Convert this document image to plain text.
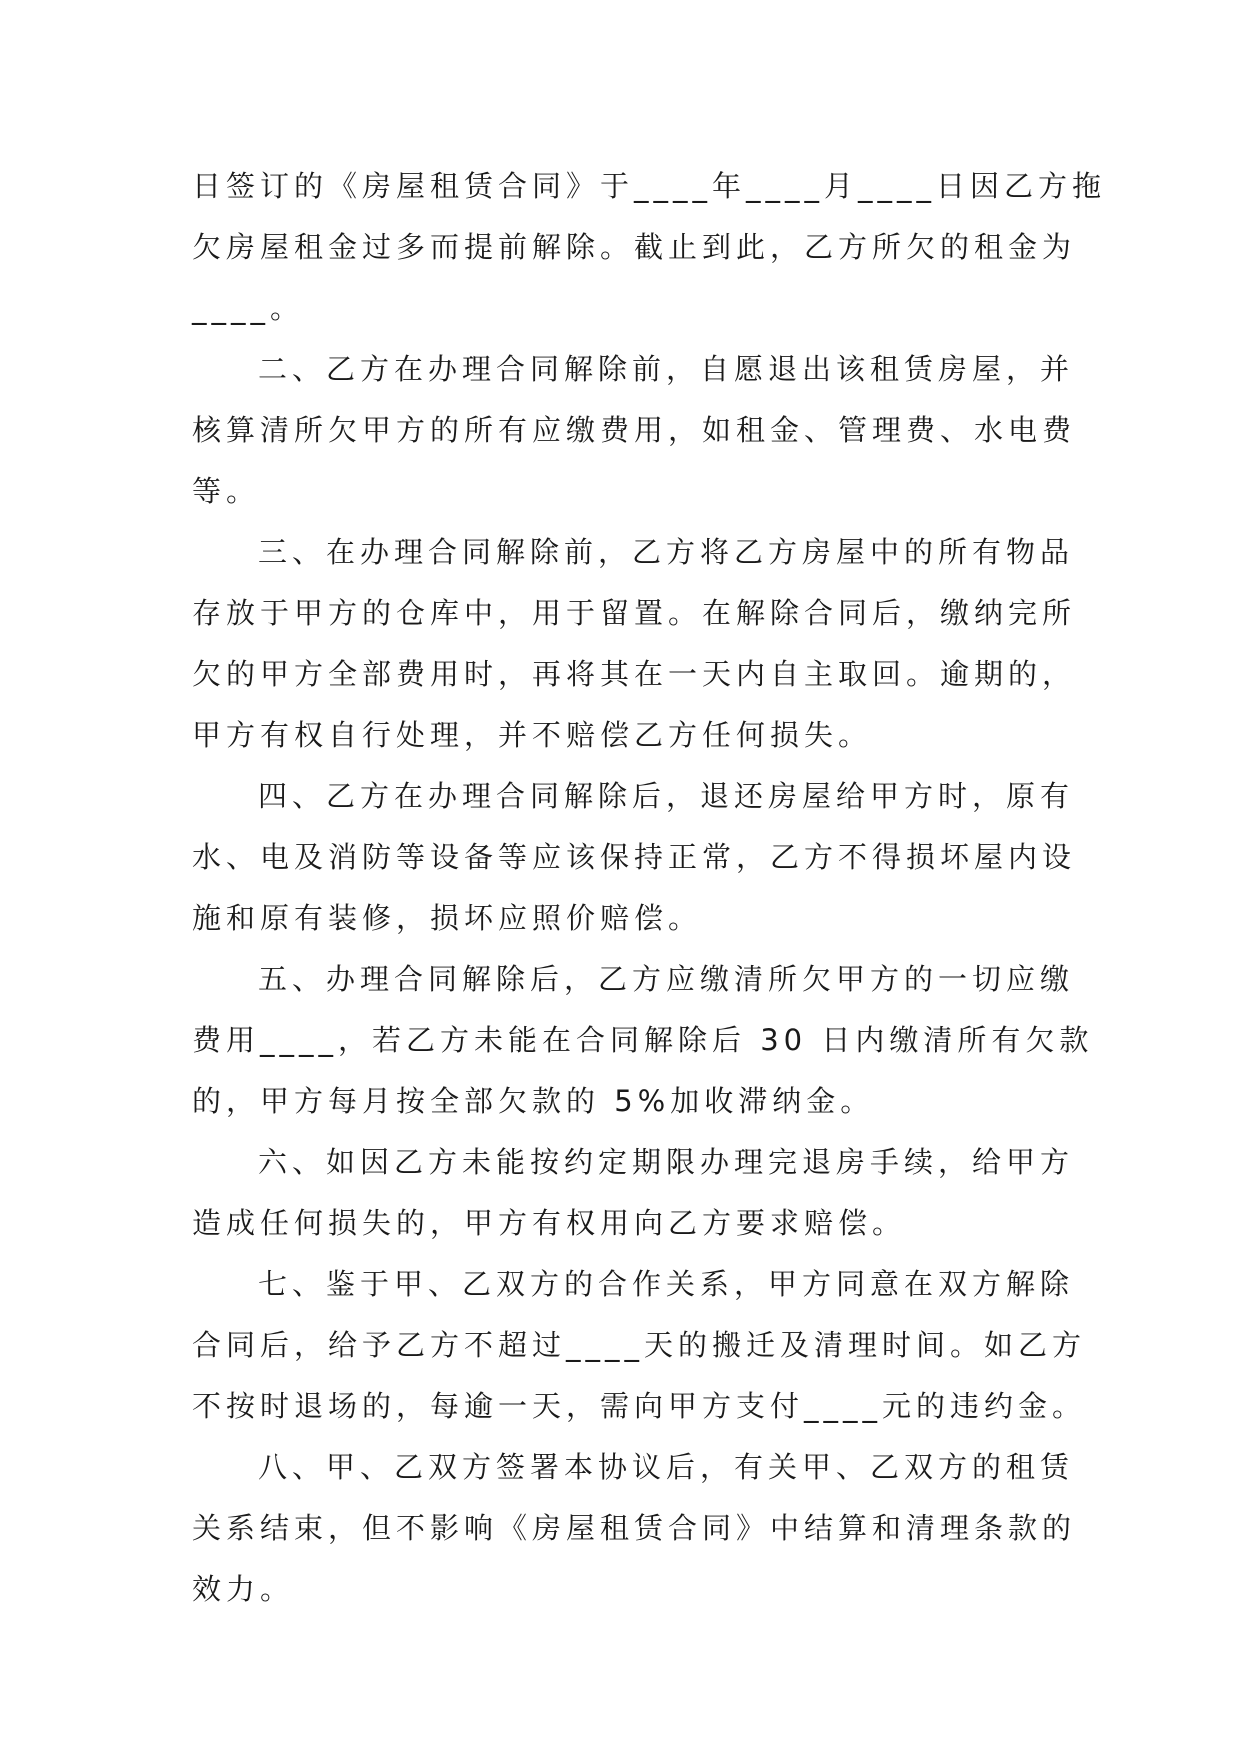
日签订的《房屋租赁合同》于____年____月____日因乙方拖
欠房屋租金过多而提前解除。截止到此，乙方所欠的租金为
____。

二、乙方在办理合同解除前，自愿退出该租赁房屋，并
核算清所欠甲方的所有应缴费用，如租金、管理费、水电费
等。

三、在办理合同解除前，乙方将乙方房屋中的所有物品
存放于甲方的仓库中，用于留置。在解除合同后，缴纳完所
欠的甲方全部费用时，再将其在一天内自主取回。逾期的，
甲方有权自行处理，并不赔偿乙方任何损失。

四、乙方在办理合同解除后，退还房屋给甲方时，原有
水、电及消防等设备等应该保持正常，乙方不得损坏屋内设
施和原有装修，损坏应照价赔偿。

五、办理合同解除后，乙方应缴清所欠甲方的一切应缴
费用____，若乙方未能在合同解除后 30 日内缴清所有欠款
的，甲方每月按全部欠款的 5%加收滞纳金。

六、如因乙方未能按约定期限办理完退房手续，给甲方
造成任何损失的，甲方有权用向乙方要求赔偿。

七、鉴于甲、乙双方的合作关系，甲方同意在双方解除
合同后，给予乙方不超过____天的搬迁及清理时间。如乙方
不按时退场的，每逾一天，需向甲方支付____元的违约金。

八、甲、乙双方签署本协议后，有关甲、乙双方的租赁
关系结束，但不影响《房屋租赁合同》中结算和清理条款的
效力。
